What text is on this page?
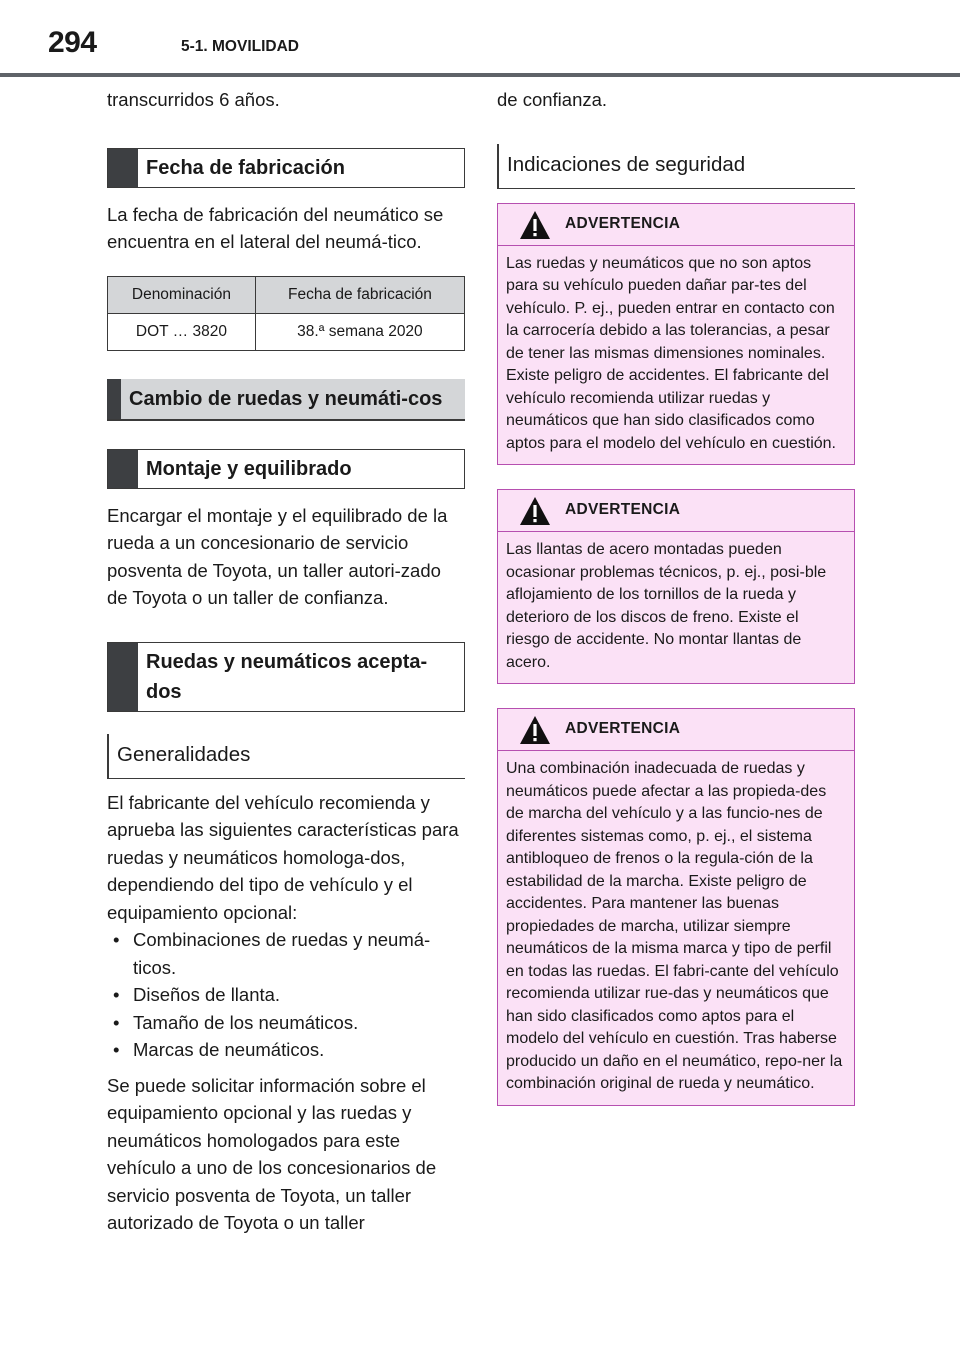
294	5-1. MOVILIDAD

transcurridos 6 años.

Fecha de fabricación

La fecha de fabricación del neumático se encuentra en el lateral del neumá-tico.

Denominación	Fecha de fabricación
DOT … 3820	38.ª semana 2020
Cambio de ruedas y neumáti-cos
Montaje y equilibrado

Encargar el montaje y el equilibrado de la rueda a un concesionario de servicio posventa de Toyota, un taller autori-zado de Toyota o un taller de confianza.

Ruedas y neumáticos acepta-dos
Generalidades

El fabricante del vehículo recomienda y aprueba las siguientes características para ruedas y neumáticos homologa-dos, dependiendo del tipo de vehículo y el equipamiento opcional:

• Combinaciones de ruedas y neumá-ticos.
• Diseños de llanta.
• Tamaño de los neumáticos.
• Marcas de neumáticos.

Se puede solicitar información sobre el equipamiento opcional y las ruedas y neumáticos homologados para este vehículo a uno de los concesionarios de servicio posventa de Toyota, un taller autorizado de Toyota o un taller

de confianza.

Indicaciones de seguridad
ADVERTENCIA
Las ruedas y neumáticos que no son aptos para su vehículo pueden dañar par-tes del vehículo. P. ej., pueden entrar en contacto con la carrocería debido a las tolerancias, a pesar de tener las mismas dimensiones nominales. Existe peligro de accidentes. El fabricante del vehículo recomienda utilizar ruedas y neumáticos que han sido clasificados como aptos para el modelo del vehículo en cuestión.
ADVERTENCIA
Las llantas de acero montadas pueden ocasionar problemas técnicos, p. ej., posi-ble aflojamiento de los tornillos de la rueda y deterioro de los discos de freno. Existe el riesgo de accidente. No montar llantas de acero.
ADVERTENCIA
Una combinación inadecuada de ruedas y neumáticos puede afectar a las propieda-des de marcha del vehículo y a las funcio-nes de diferentes sistemas como, p. ej., el sistema antibloqueo de frenos o la regula-ción de la estabilidad de la marcha. Existe peligro de accidentes. Para mantener las buenas propiedades de marcha, utilizar siempre neumáticos de la misma marca y tipo de perfil en todas las ruedas. El fabri-cante del vehículo recomienda utilizar rue-das y neumáticos que han sido clasificados como aptos para el modelo del vehículo en cuestión. Tras haberse producido un daño en el neumático, repo-ner la combinación original de rueda y neumático.
